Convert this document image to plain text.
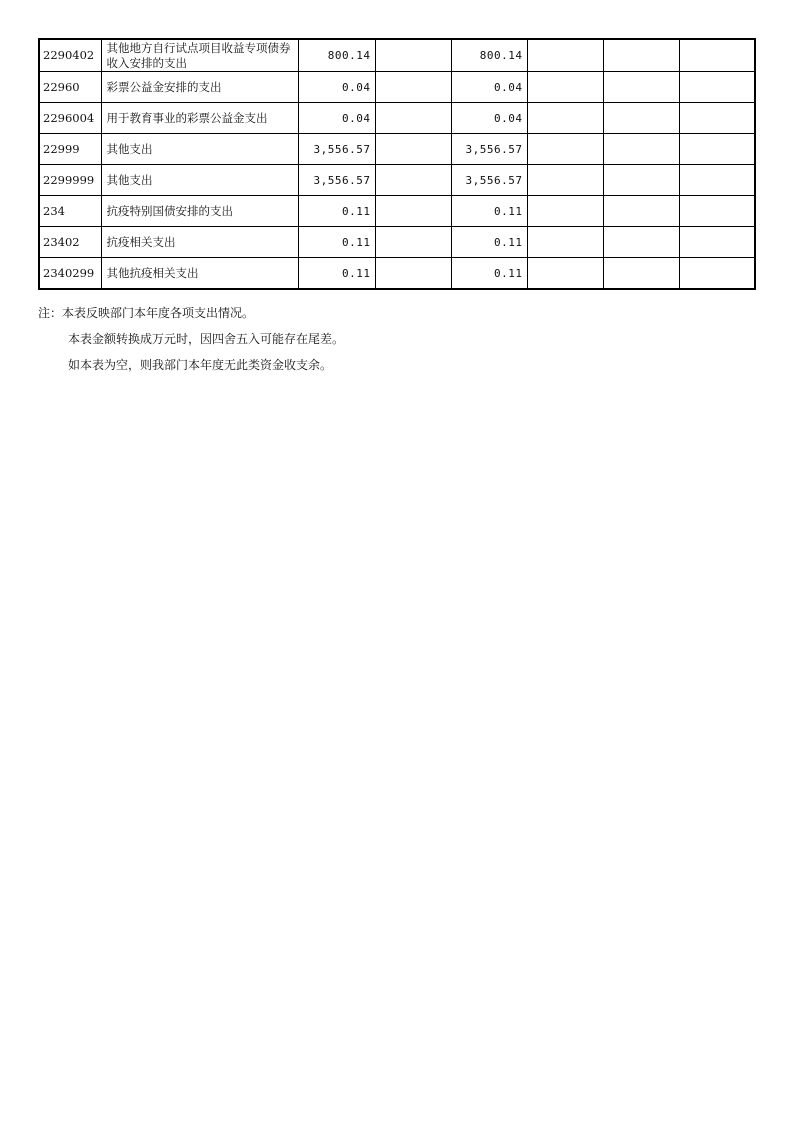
2290402	其他地方自行试点项目收益专项债券收入安排的支出	800.14		800.14			
22960	彩票公益金安排的支出	0.04		0.04			
2296004	用于教育事业的彩票公益金支出	0.04		0.04			
22999	其他支出	3,556.57		3,556.57			
2299999	其他支出	3,556.57		3,556.57			
234	抗疫特别国债安排的支出	0.11		0.11			
23402	抗疫相关支出	0.11		0.11			
2340299	其他抗疫相关支出	0.11		0.11			
注：本表反映部门本年度各项支出情况。
本表金额转换成万元时，因四舍五入可能存在尾差。
如本表为空，则我部门本年度无此类资金收支余。
